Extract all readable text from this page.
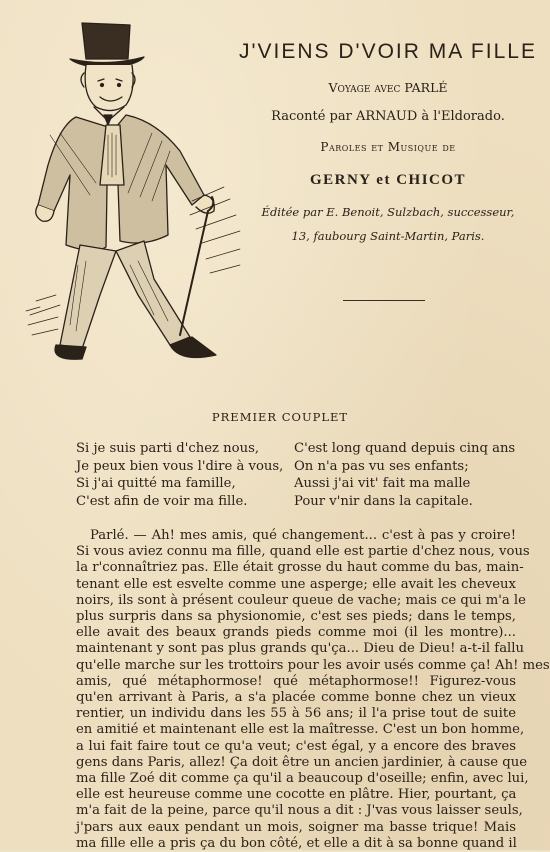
J'VIENS D'VOIR MA FILLE
Voyage avec PARLÉ
Raconté par ARNAUD à l'Eldorado.
Paroles et Musique de
GERNY et CHICOT
Éditée par E. Benoit, Sulzbach, successeur,
13, faubourg Saint-Martin, Paris.
PREMIER COUPLET
Si je suis parti d'chez nous,
Je peux bien vous l'dire à vous,
Si j'ai quitté ma famille,
C'est afin de voir ma fille.
C'est long quand depuis cinq ans
On n'a pas vu ses enfants;
Aussi j'ai vit' fait ma malle
Pour v'nir dans la capitale.
Parlé. — Ah! mes amis, qué changement... c'est à pas y croire!
Si vous aviez connu ma fille, quand elle est partie d'chez nous, vous
la r'connaîtriez pas. Elle était grosse du haut comme du bas, main-
tenant elle est esvelte comme une asperge; elle avait les cheveux
noirs, ils sont à présent couleur queue de vache; mais ce qui m'a le
plus surpris dans sa physionomie, c'est ses pieds; dans le temps,
elle avait des beaux grands pieds comme moi (il les montre)...
maintenant y sont pas plus grands qu'ça... Dieu de Dieu! a-t-il fallu
qu'elle marche sur les trottoirs pour les avoir usés comme ça! Ah! mes
amis, qué métaphormose! qué métaphormose!! Figurez-vous
qu'en arrivant à Paris, a s'a placée comme bonne chez un vieux
rentier, un individu dans les 55 à 56 ans; il l'a prise tout de suite
en amitié et maintenant elle est la maîtresse. C'est un bon homme,
a lui fait faire tout ce qu'a veut; c'est égal, y a encore des braves
gens dans Paris, allez! Ça doit être un ancien jardinier, à cause que
ma fille Zoé dit comme ça qu'il a beaucoup d'oseille; enfin, avec lui,
elle est heureuse comme une cocotte en plâtre. Hier, pourtant, ça
m'a fait de la peine, parce qu'il nous a dit : J'vas vous laisser seuls,
j'pars aux eaux pendant un mois, soigner ma basse trique! Mais
ma fille elle a pris ça du bon côté, et elle a dit à sa bonne quand il
